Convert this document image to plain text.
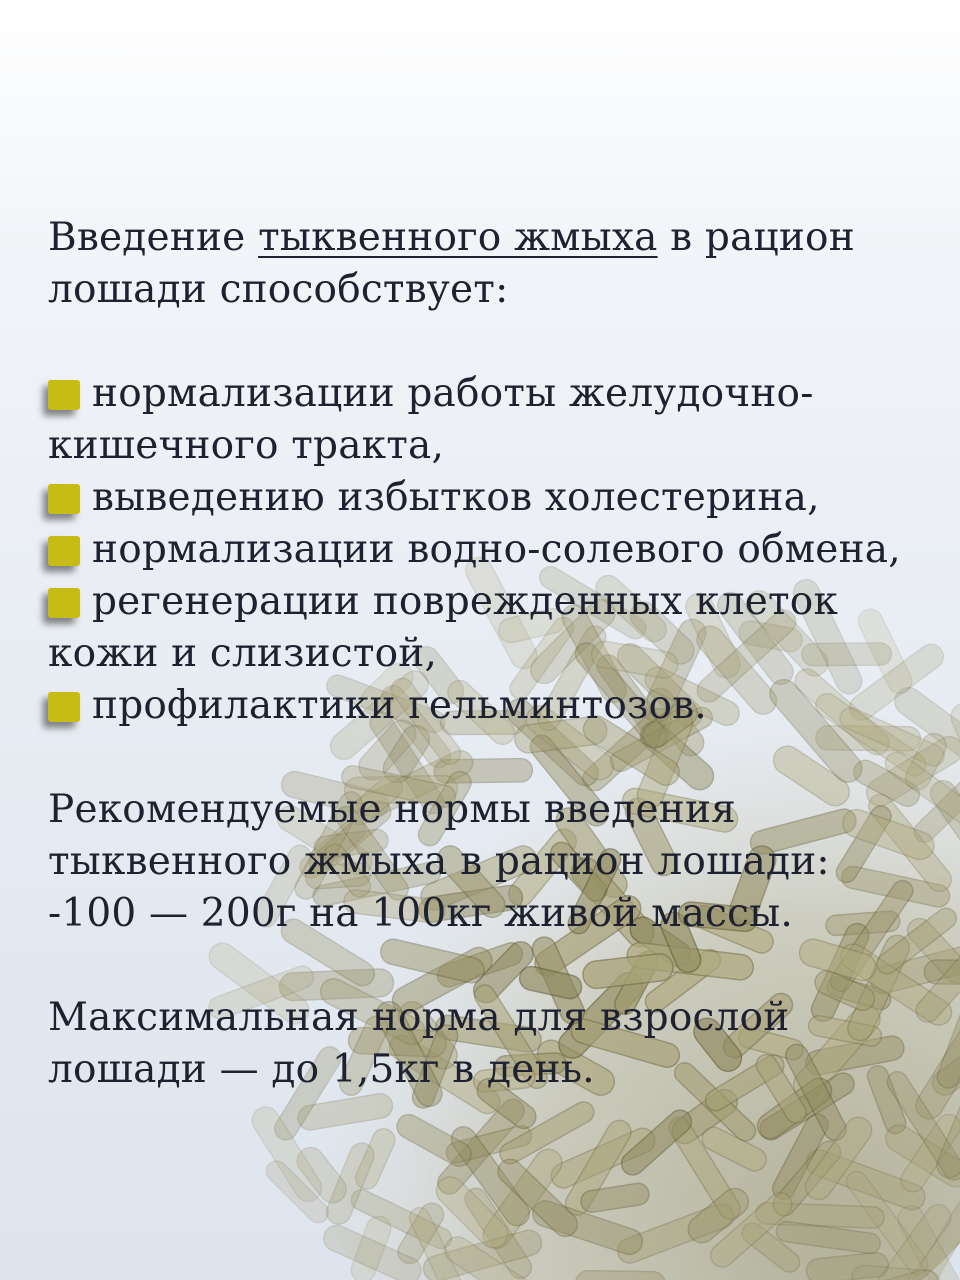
Введение тыквенного жмыха в рацион лошади способствует:

нормализации работы желудочно-кишечного тракта,
выведению избытков холестерина,
нормализации водно-солевого обмена,
регенерации поврежденных клеток кожи и слизистой,
профилактики гельминтозов.

Рекомендуемые нормы введения тыквенного жмыха в рацион лошади:
-100 — 200г на 100кг живой массы.

Максимальная норма для взрослой лошади — до 1,5кг в день.
